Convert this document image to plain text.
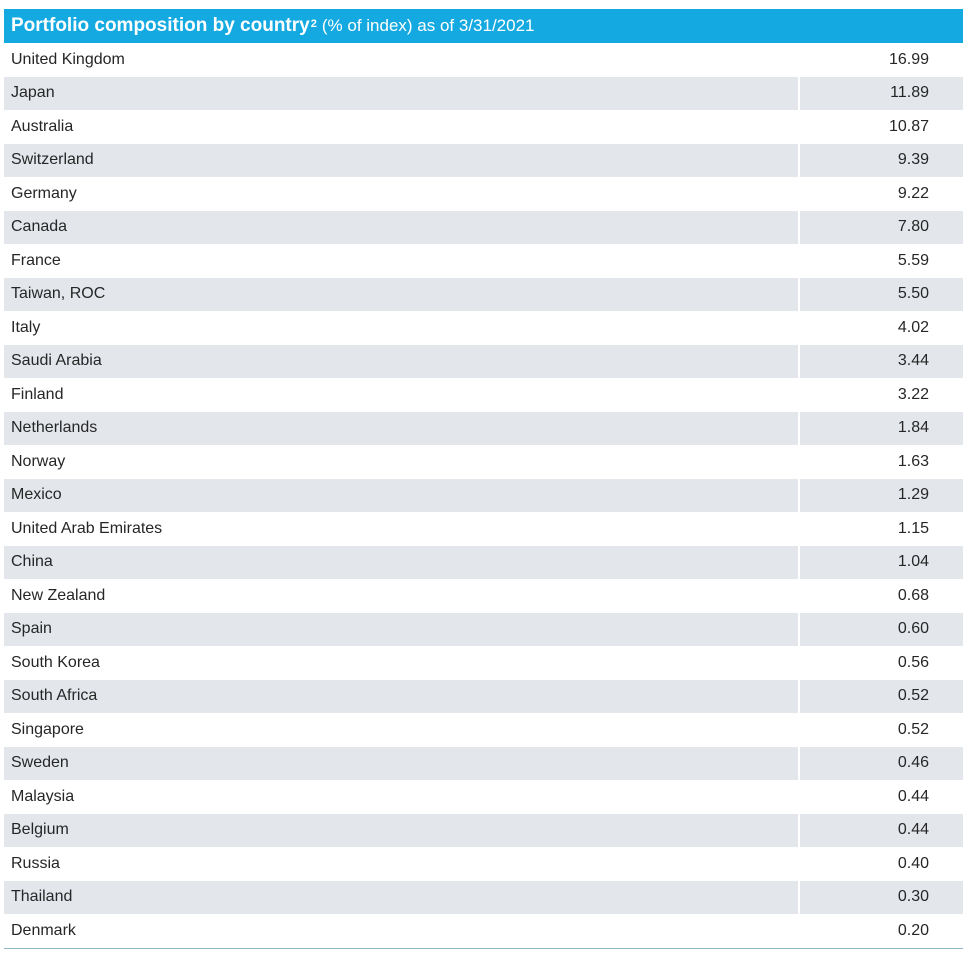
Portfolio composition by country$^2$ (% of index) as of 3/31/2021
United Kingdom	16.99
Japan	11.89
Australia	10.87
Switzerland	9.39
Germany	9.22
Canada	7.80
France	5.59
Taiwan, ROC	5.50
Italy	4.02
Saudi Arabia	3.44
Finland	3.22
Netherlands	1.84
Norway	1.63
Mexico	1.29
United Arab Emirates	1.15
China	1.04
New Zealand	0.68
Spain	0.60
South Korea	0.56
South Africa	0.52
Singapore	0.52
Sweden	0.46
Malaysia	0.44
Belgium	0.44
Russia	0.40
Thailand	0.30
Denmark	0.20
